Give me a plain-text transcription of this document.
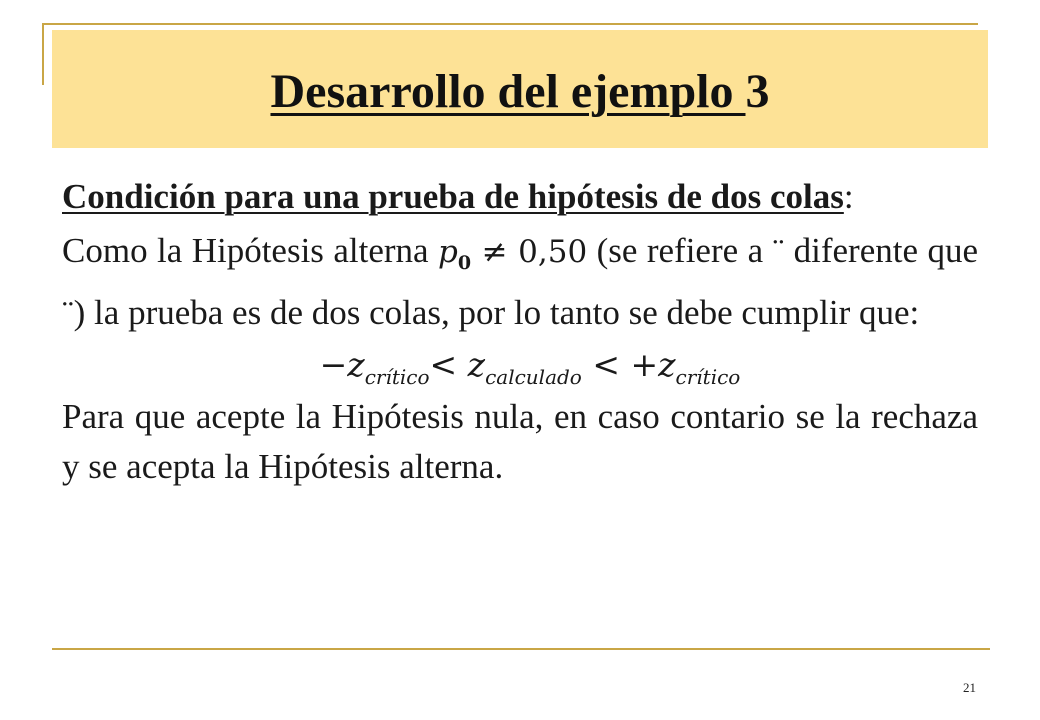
Desarrollo del ejemplo 3

Condición para una prueba de hipótesis de dos colas:

Como la Hipótesis alterna $p_0 \ne 0,50$ (se refiere a ¨ diferente que ¨) la prueba es de dos colas, por lo tanto se debe cumplir que:

$-z_{crítico}< z_{calculado} < +z_{crítico}$

Para que acepte la Hipótesis nula, en caso contario se la rechaza y se acepta la Hipótesis alterna.

21
